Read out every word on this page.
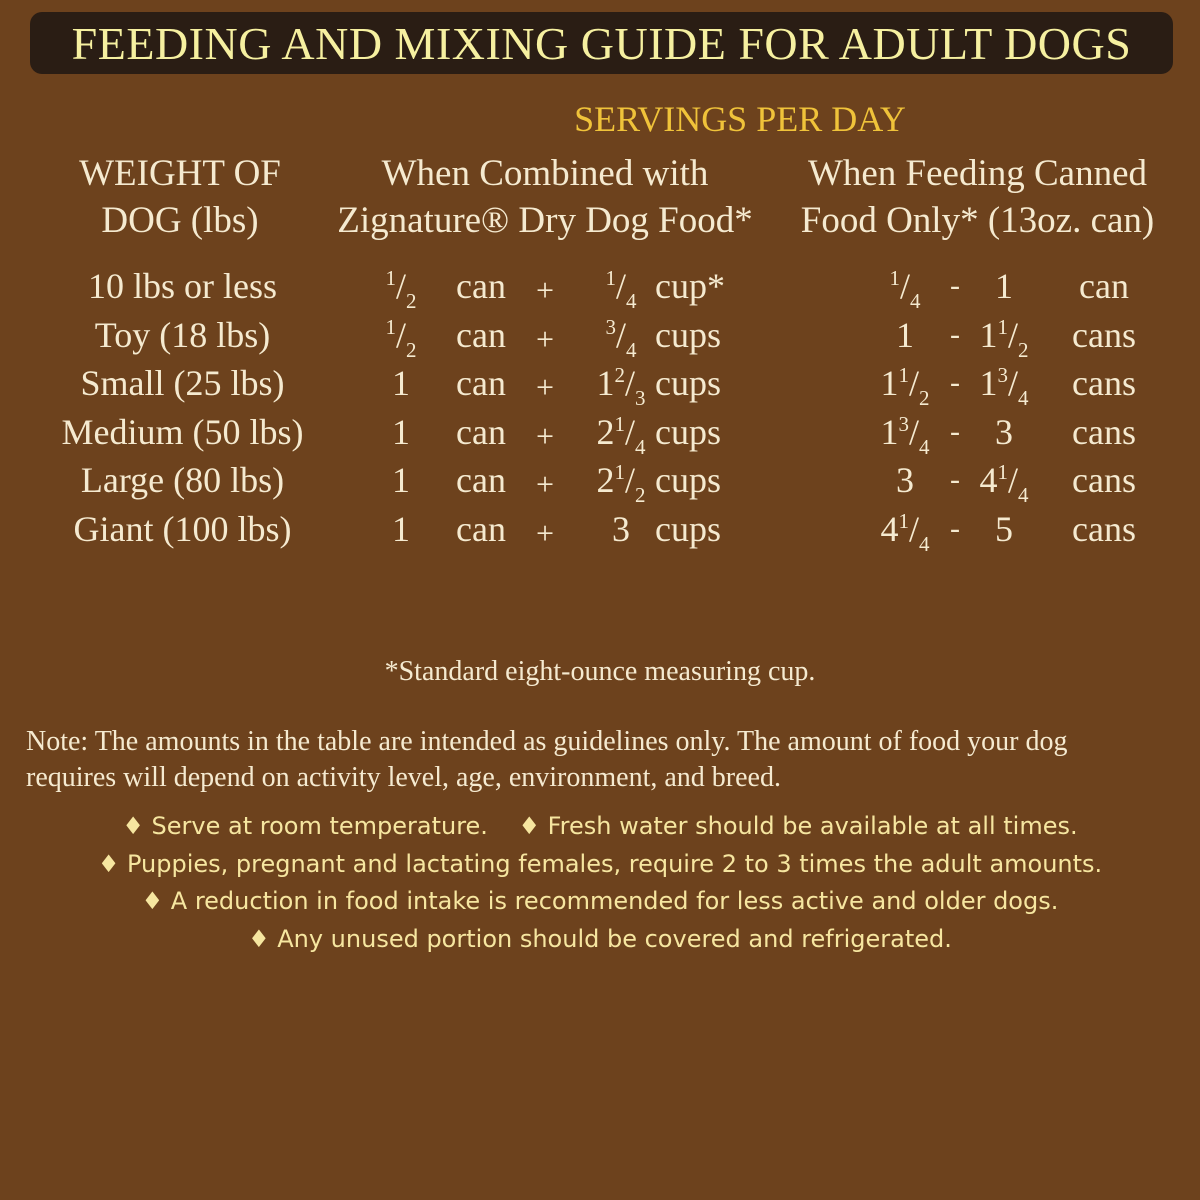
FEEDING AND MIXING GUIDE FOR ADULT DOGS
SERVINGS PER DAY
WEIGHT OF
DOG (lbs)
When Combined with
Zignature® Dry Dog Food*
When Feeding Canned
Food Only* (13oz. can)
10 lbs or less	$^1/_2$	can +	$^1/_4$ cup*	$^1/_4 - 1$	can
Toy (18 lbs)	$^1/_2$	can +	$^3/_4$ cups	1	- $1^1/_2$	cans
Small (25 lbs)	1	can +	$1^2/_3$ cups	$1^1/_2 - 1^3/_4$	cans
Medium (50 lbs)	1	can +	$2^1/_4$ cups	$1^3/_4 - 3$	cans
Large (80 lbs)	1	can +	$2^1/_2$ cups	3	- $4^1/_4$	cans
Giant (100 lbs)	1	can +	3 cups	$4^1/_4 - 5$	cans
*Standard eight-ounce measuring cup.
Note: The amounts in the table are intended as guidelines only. The amount of food your dog
requires will depend on activity level, age, environment, and breed.
♦ Serve at room temperature.    ♦ Fresh water should be available at all times.
♦ Puppies, pregnant and lactating females, require 2 to 3 times the adult amounts.
♦ A reduction in food intake is recommended for less active and older dogs.
♦ Any unused portion should be covered and refrigerated.
